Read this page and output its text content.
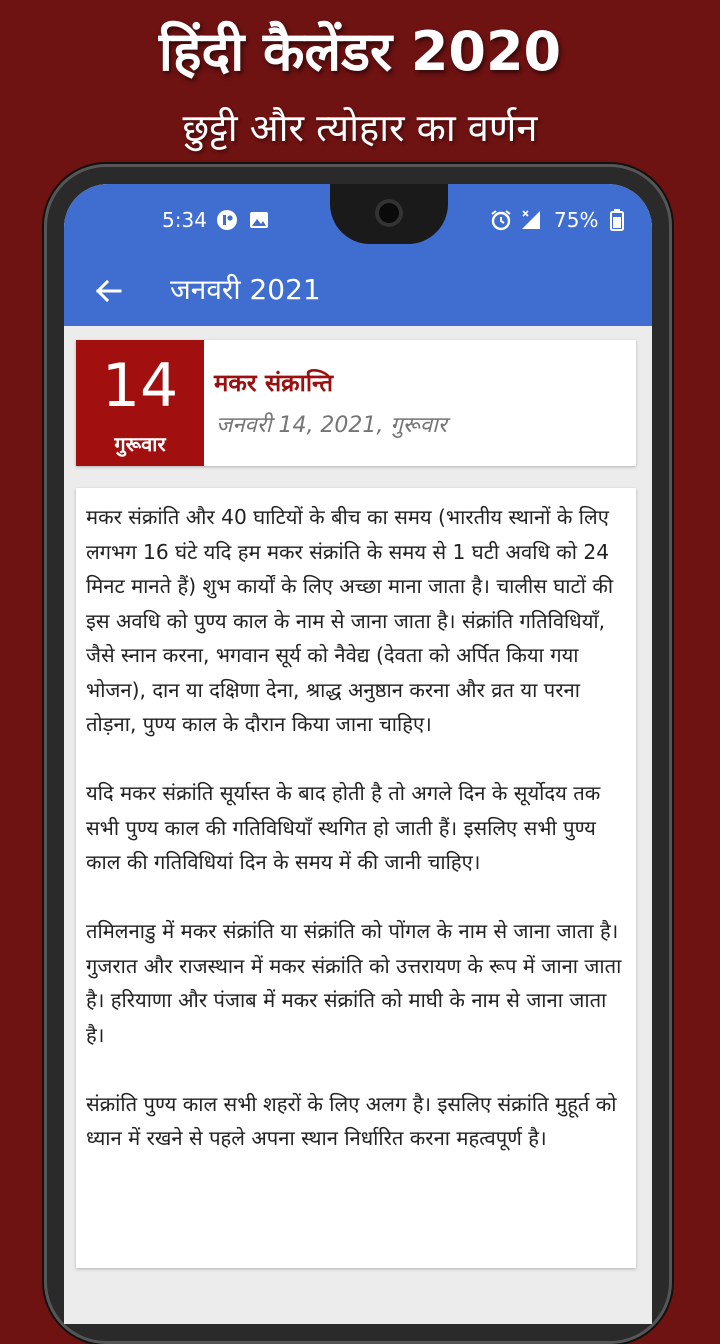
हिंदी कैलेंडर 2020
छुट्टी और त्योहार का वर्णन
5:34	75%
जनवरी 2021
14
गुरूवार
मकर संक्रान्ति
जनवरी 14, 2021, गुरूवार

मकर संक्रांति और 40 घाटियों के बीच का समय (भारतीय स्थानों के लिए लगभग 16 घंटे यदि हम मकर संक्रांति के समय से 1 घटी अवधि को 24 मिनट मानते हैं) शुभ कार्यों के लिए अच्छा माना जाता है। चालीस घाटों की इस अवधि को पुण्य काल के नाम से जाना जाता है। संक्रांति गतिविधियाँ, जैसे स्नान करना, भगवान सूर्य को नैवेद्य (देवता को अर्पित किया गया भोजन), दान या दक्षिणा देना, श्राद्ध अनुष्ठान करना और व्रत या परना तोड़ना, पुण्य काल के दौरान किया जाना चाहिए।

यदि मकर संक्रांति सूर्यास्त के बाद होती है तो अगले दिन के सूर्योदय तक सभी पुण्य काल की गतिविधियाँ स्थगित हो जाती हैं। इसलिए सभी पुण्य काल की गतिविधियां दिन के समय में की जानी चाहिए।

तमिलनाडु में मकर संक्रांति या संक्रांति को पोंगल के नाम से जाना जाता है। गुजरात और राजस्थान में मकर संक्रांति को उत्तरायण के रूप में जाना जाता है। हरियाणा और पंजाब में मकर संक्रांति को माघी के नाम से जाना जाता है।

संक्रांति पुण्य काल सभी शहरों के लिए अलग है। इसलिए संक्रांति मुहूर्त को ध्यान में रखने से पहले अपना स्थान निर्धारित करना महत्वपूर्ण है।
